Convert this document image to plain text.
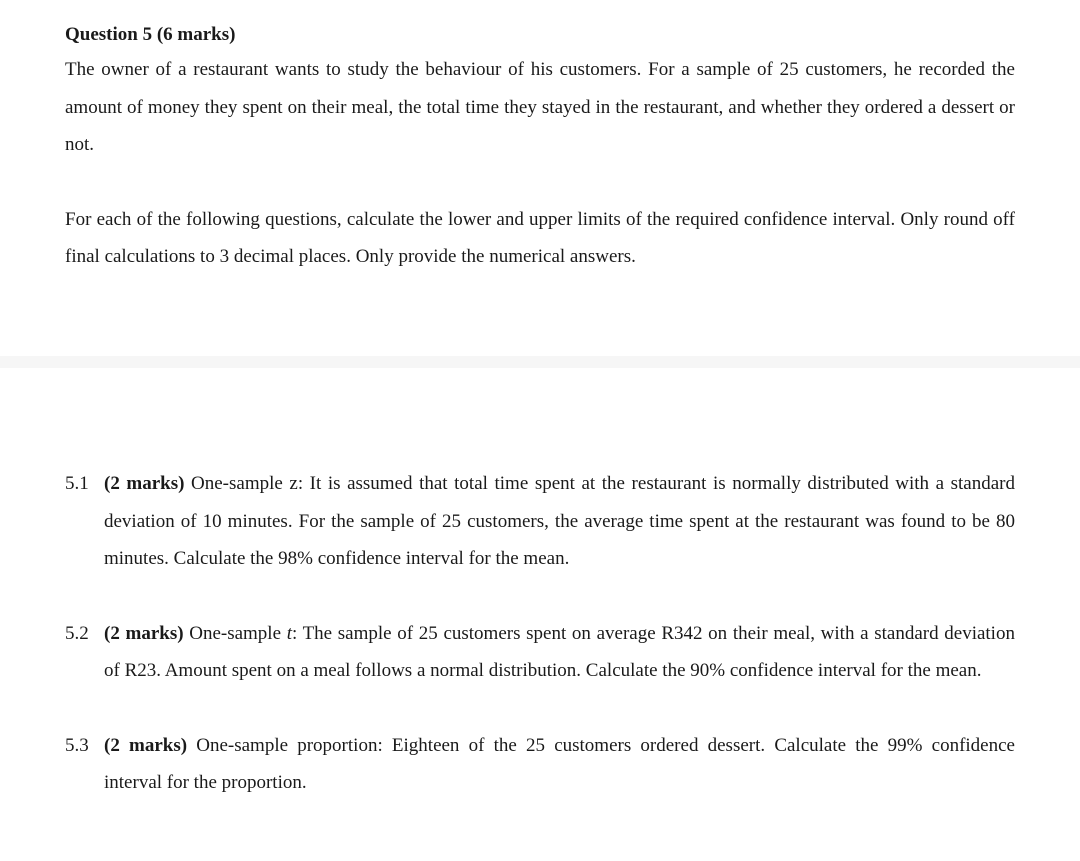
Question 5 (6 marks)

The owner of a restaurant wants to study the behaviour of his customers. For a sample of 25 customers, he recorded the amount of money they spent on their meal, the total time they stayed in the restaurant, and whether they ordered a dessert or not.

For each of the following questions, calculate the lower and upper limits of the required confidence interval. Only round off final calculations to 3 decimal places. Only provide the numerical answers.

5.1 (2 marks) One-sample z: It is assumed that total time spent at the restaurant is normally distributed with a standard deviation of 10 minutes. For the sample of 25 customers, the average time spent at the restaurant was found to be 80 minutes. Calculate the 98% confidence interval for the mean.
5.2 (2 marks) One-sample t: The sample of 25 customers spent on average R342 on their meal, with a standard deviation of R23. Amount spent on a meal follows a normal distribution. Calculate the 90% confidence interval for the mean.
5.3 (2 marks) One-sample proportion: Eighteen of the 25 customers ordered dessert. Calculate the 99% confidence interval for the proportion.
